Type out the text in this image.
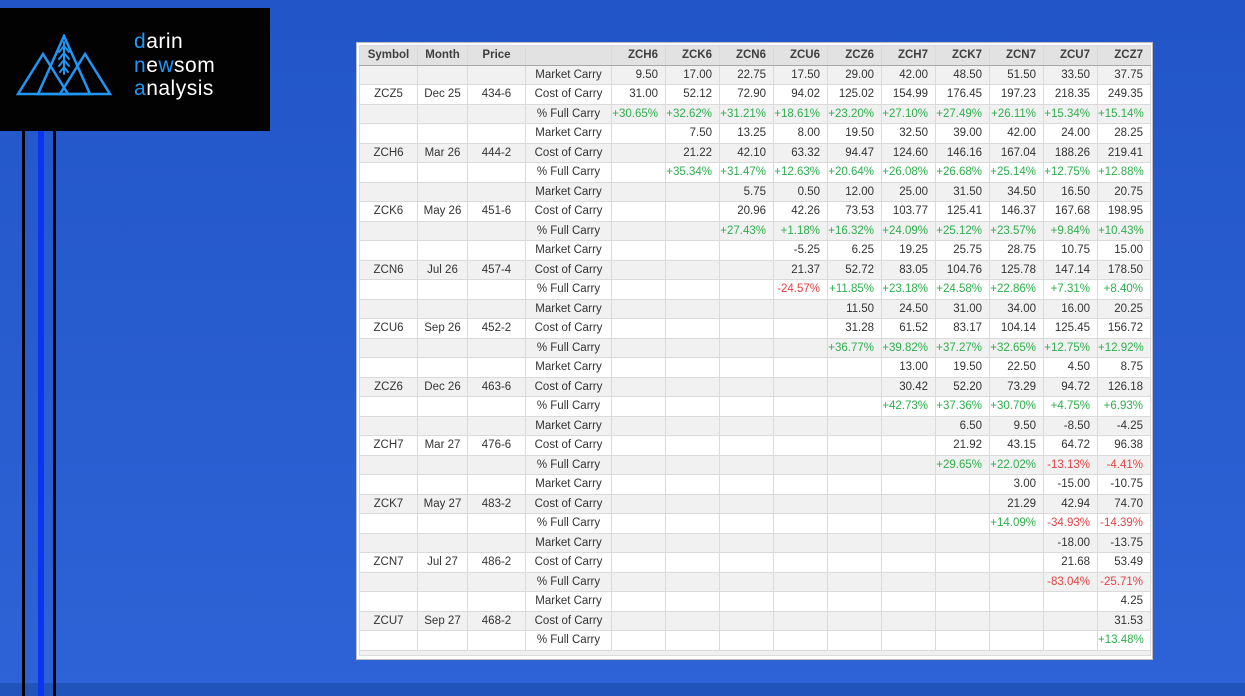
darin
newsom
analysis
Symbol	Month	Price		ZCH6	ZCK6	ZCN6	ZCU6	ZCZ6	ZCH7	ZCK7	ZCN7	ZCU7	ZCZ7
			Market Carry	9.50	17.00	22.75	17.50	29.00	42.00	48.50	51.50	33.50	37.75
ZCZ5	Dec 25	434-6	Cost of Carry	31.00	52.12	72.90	94.02	125.02	154.99	176.45	197.23	218.35	249.35
			% Full Carry	+30.65%	+32.62%	+31.21%	+18.61%	+23.20%	+27.10%	+27.49%	+26.11%	+15.34%	+15.14%
			Market Carry		7.50	13.25	8.00	19.50	32.50	39.00	42.00	24.00	28.25
ZCH6	Mar 26	444-2	Cost of Carry		21.22	42.10	63.32	94.47	124.60	146.16	167.04	188.26	219.41
			% Full Carry		+35.34%	+31.47%	+12.63%	+20.64%	+26.08%	+26.68%	+25.14%	+12.75%	+12.88%
			Market Carry			5.75	0.50	12.00	25.00	31.50	34.50	16.50	20.75
ZCK6	May 26	451-6	Cost of Carry			20.96	42.26	73.53	103.77	125.41	146.37	167.68	198.95
			% Full Carry			+27.43%	+1.18%	+16.32%	+24.09%	+25.12%	+23.57%	+9.84%	+10.43%
			Market Carry				-5.25	6.25	19.25	25.75	28.75	10.75	15.00
ZCN6	Jul 26	457-4	Cost of Carry				21.37	52.72	83.05	104.76	125.78	147.14	178.50
			% Full Carry				-24.57%	+11.85%	+23.18%	+24.58%	+22.86%	+7.31%	+8.40%
			Market Carry					11.50	24.50	31.00	34.00	16.00	20.25
ZCU6	Sep 26	452-2	Cost of Carry					31.28	61.52	83.17	104.14	125.45	156.72
			% Full Carry					+36.77%	+39.82%	+37.27%	+32.65%	+12.75%	+12.92%
			Market Carry						13.00	19.50	22.50	4.50	8.75
ZCZ6	Dec 26	463-6	Cost of Carry						30.42	52.20	73.29	94.72	126.18
			% Full Carry						+42.73%	+37.36%	+30.70%	+4.75%	+6.93%
			Market Carry							6.50	9.50	-8.50	-4.25
ZCH7	Mar 27	476-6	Cost of Carry							21.92	43.15	64.72	96.38
			% Full Carry							+29.65%	+22.02%	-13.13%	-4.41%
			Market Carry								3.00	-15.00	-10.75
ZCK7	May 27	483-2	Cost of Carry								21.29	42.94	74.70
			% Full Carry								+14.09%	-34.93%	-14.39%
			Market Carry									-18.00	-13.75
ZCN7	Jul 27	486-2	Cost of Carry									21.68	53.49
			% Full Carry									-83.04%	-25.71%
			Market Carry										4.25
ZCU7	Sep 27	468-2	Cost of Carry										31.53
			% Full Carry										+13.48%
